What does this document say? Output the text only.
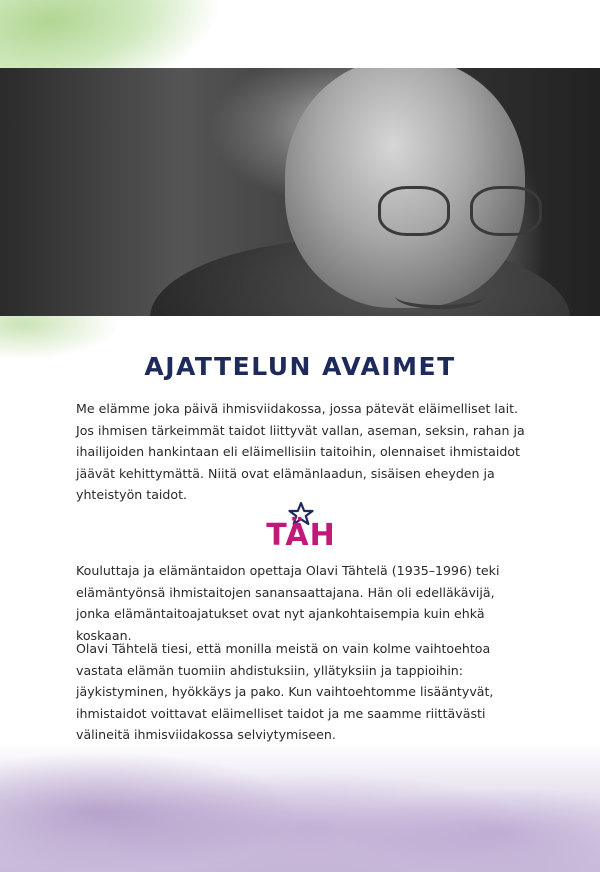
AJATTELUN AVAIMET

Me elämme joka päivä ihmisviidakossa, jossa pätevät eläimelliset lait. Jos ihmisen tärkeimmät taidot liittyvät vallan, aseman, seksin, rahan ja ihailijoiden hankintaan eli eläimellisiin taitoihin, olennaiset ihmistaidot jäävät kehittymättä. Niitä ovat elämänlaadun, sisäisen eheyden ja yhteistyön taidot.

TÄH

Kouluttaja ja elämäntaidon opettaja Olavi Tähtelä (1935–1996) teki elämäntyönsä ihmistaitojen sanansaattajana. Hän oli edelläkävijä, jonka elämäntaitoajatukset ovat nyt ajankohtaisempia kuin ehkä koskaan.

Olavi Tähtelä tiesi, että monilla meistä on vain kolme vaihtoehtoa vastata elämän tuomiin ahdistuksiin, yllätyksiin ja tappioihin: jäykistyminen, hyökkäys ja pako. Kun vaihtoehtomme lisääntyvät, ihmistaidot voittavat eläimelliset taidot ja me saamme riittävästi välineitä ihmisviidakossa selviytymiseen.
